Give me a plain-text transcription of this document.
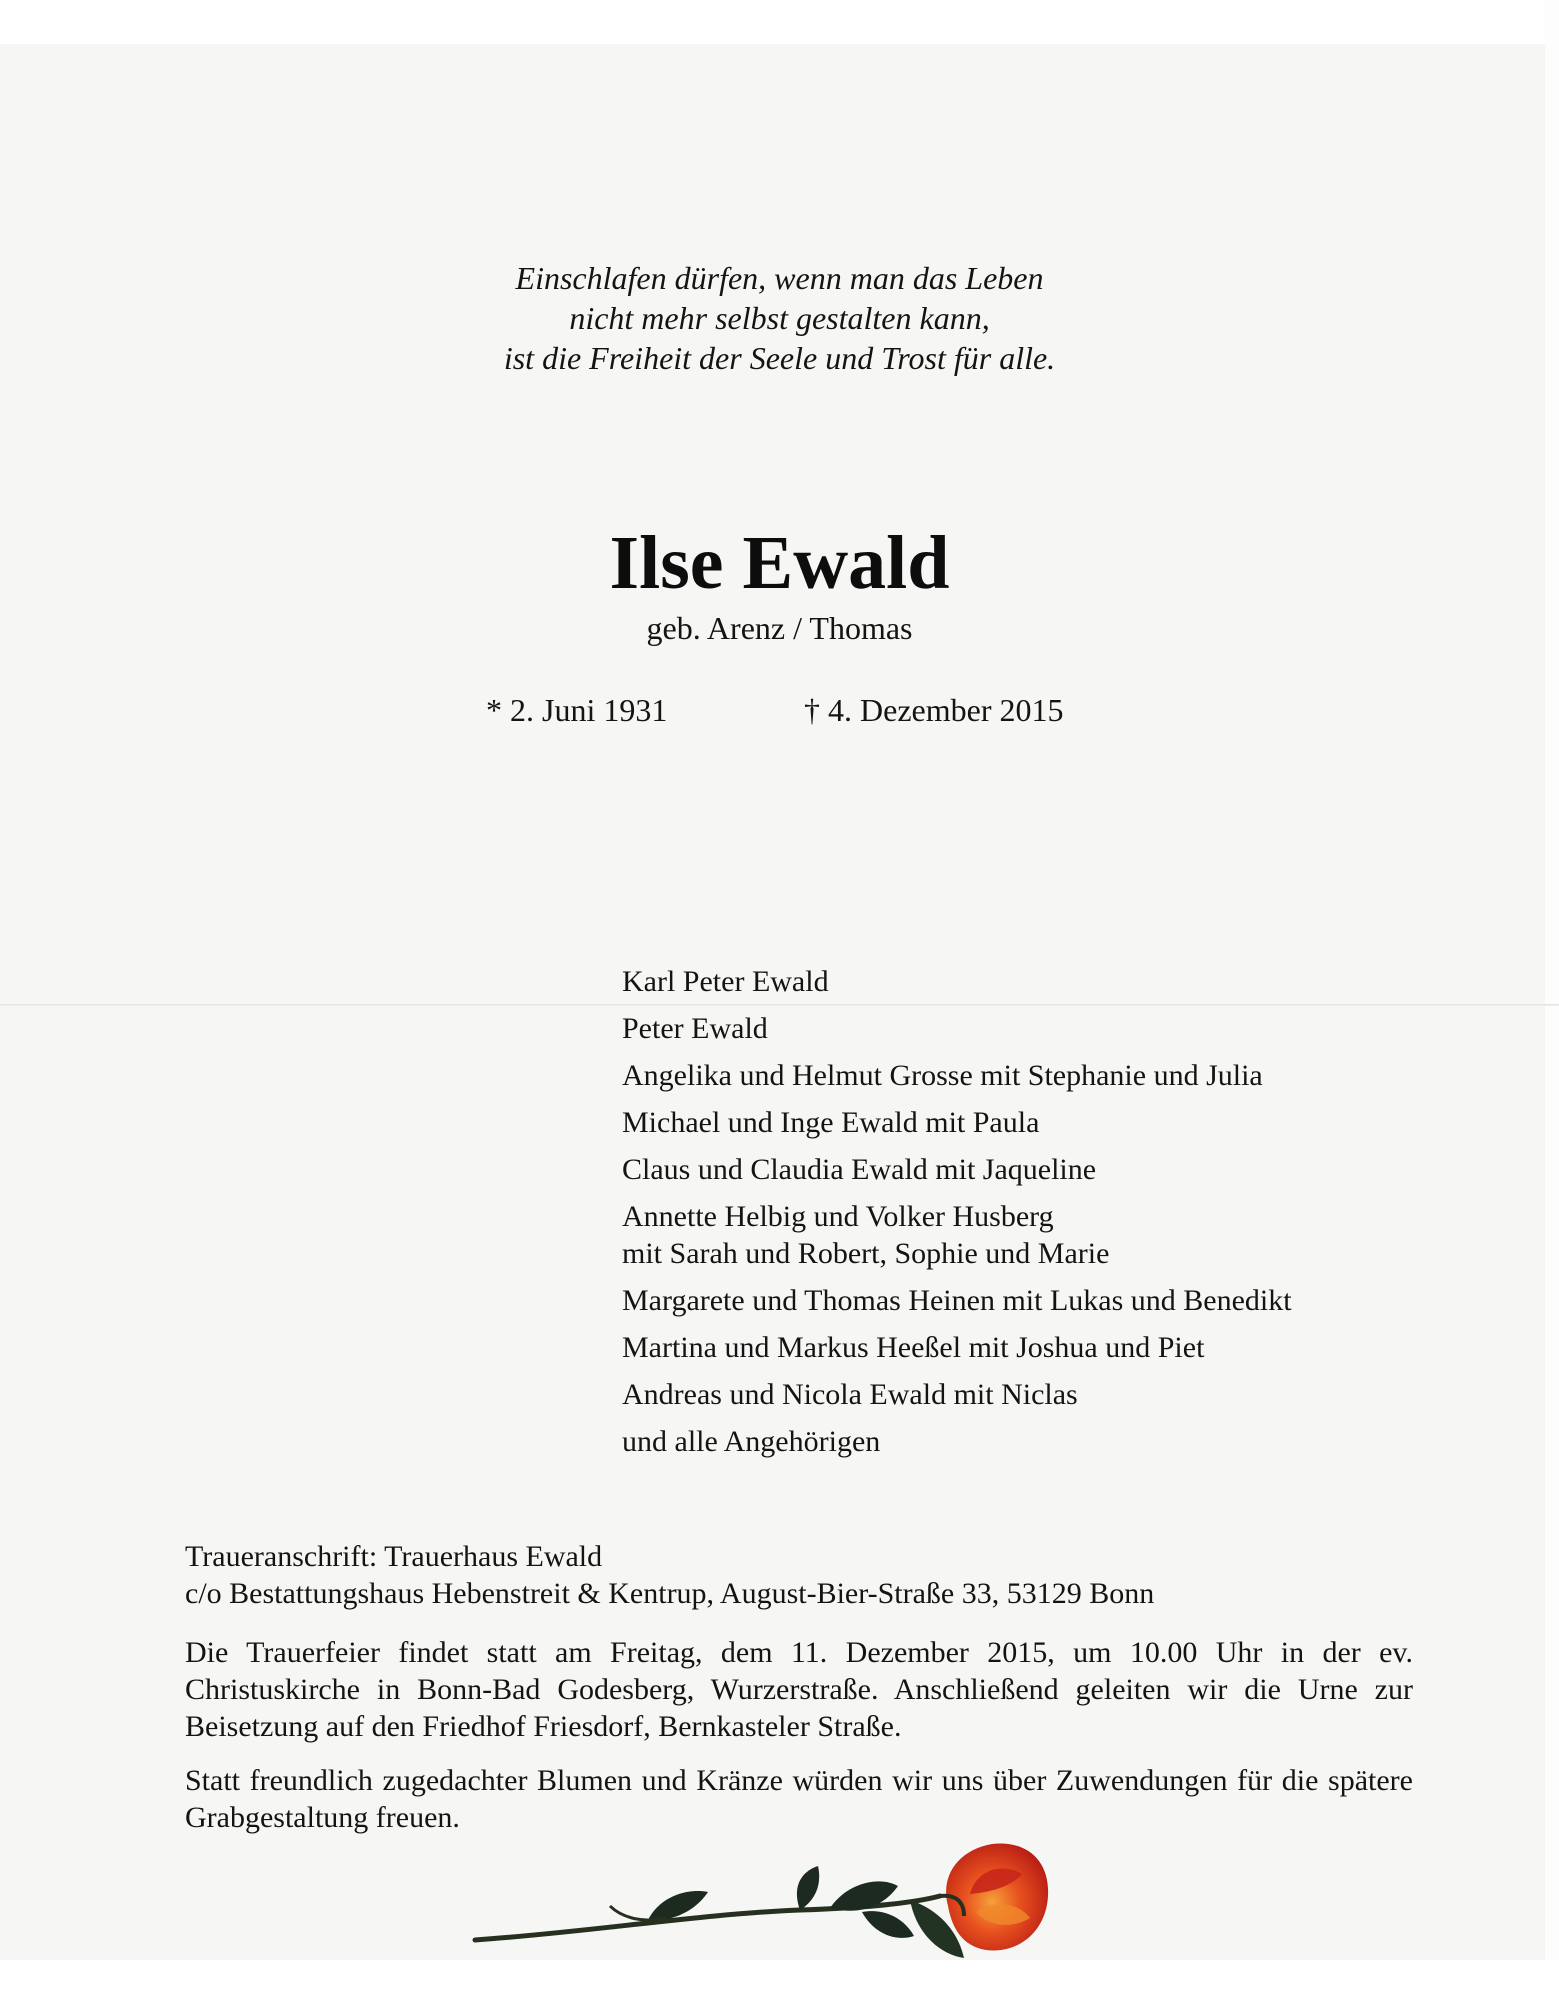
Einschlafen dürfen, wenn man das Leben
nicht mehr selbst gestalten kann,
ist die Freiheit der Seele und Trost für alle.
Ilse Ewald
geb. Arenz / Thomas
* 2. Juni 1931	† 4. Dezember 2015
Karl Peter Ewald
Peter Ewald
Angelika und Helmut Grosse mit Stephanie und Julia
Michael und Inge Ewald mit Paula
Claus und Claudia Ewald mit Jaqueline
Annette Helbig und Volker Husberg
mit Sarah und Robert, Sophie und Marie
Margarete und Thomas Heinen mit Lukas und Benedikt
Martina und Markus Heeßel mit Joshua und Piet
Andreas und Nicola Ewald mit Niclas
und alle Angehörigen
Traueranschrift: Trauerhaus Ewald
c/o Bestattungshaus Hebenstreit & Kentrup, August-Bier-Straße 33, 53129 Bonn
Die Trauerfeier findet statt am Freitag, dem 11. Dezember 2015, um 10.00 Uhr in der ev. Christuskirche in Bonn-Bad Godesberg, Wurzerstraße. Anschließend geleiten wir die Urne zur Beisetzung auf den Friedhof Friesdorf, Bernkasteler Straße.
Statt freundlich zugedachter Blumen und Kränze würden wir uns über Zuwendungen für die spätere Grabgestaltung freuen.
